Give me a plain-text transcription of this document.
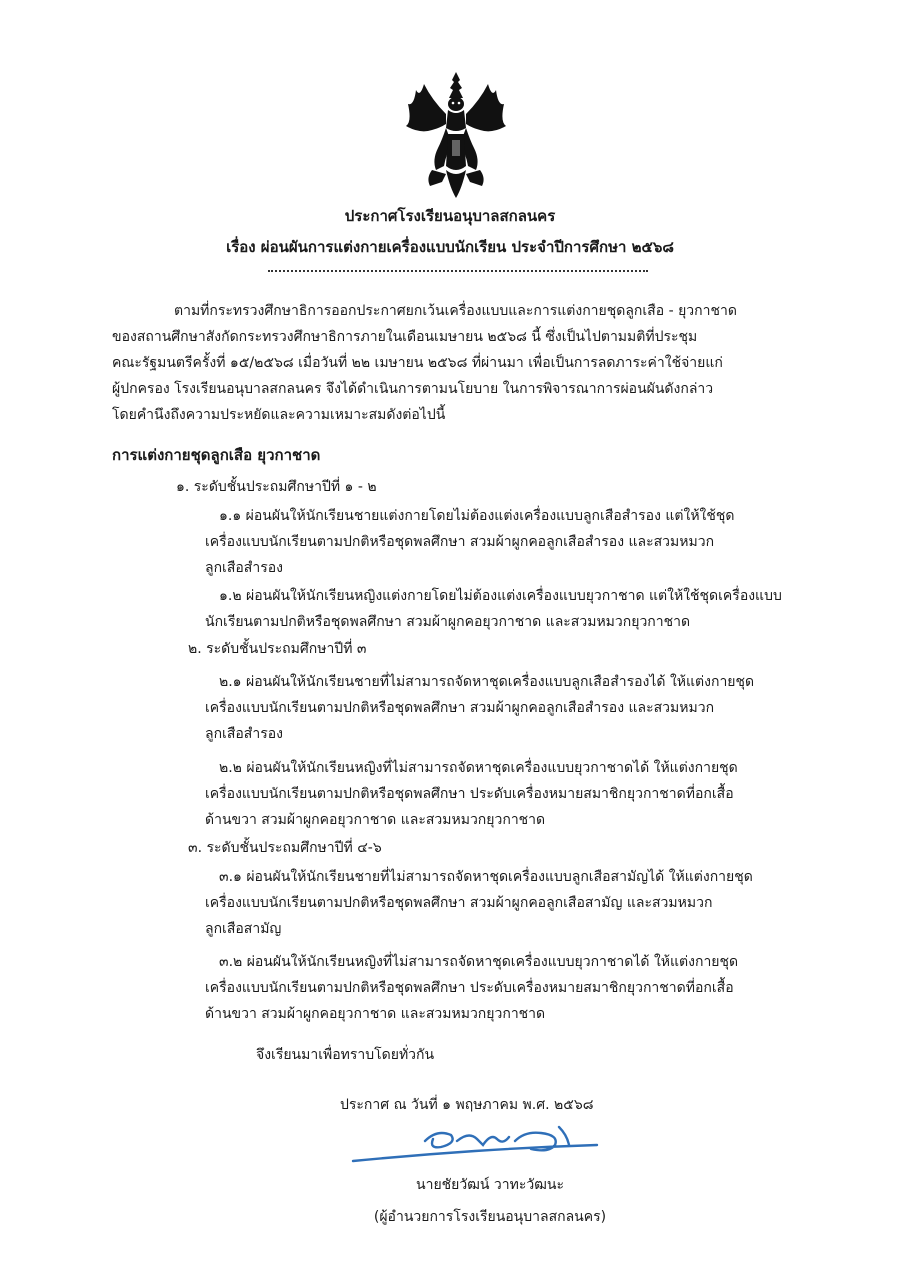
ประกาศโรงเรียนอนุบาลสกลนคร
เรื่อง ผ่อนผันการแต่งกายเครื่องแบบนักเรียน ประจำปีการศึกษา ๒๕๖๘
ตามที่กระทรวงศึกษาธิการออกประกาศยกเว้นเครื่องแบบและการแต่งกายชุดลูกเสือ - ยุวกาชาด
ของสถานศึกษาสังกัดกระทรวงศึกษาธิการภายในเดือนเมษายน ๒๕๖๘ นี้ ซึ่งเป็นไปตามมติที่ประชุม
คณะรัฐมนตรีครั้งที่ ๑๕/๒๕๖๘ เมื่อวันที่ ๒๒ เมษายน ๒๕๖๘ ที่ผ่านมา เพื่อเป็นการลดภาระค่าใช้จ่ายแก่
ผู้ปกครอง โรงเรียนอนุบาลสกลนคร จึงได้ดำเนินการตามนโยบาย ในการพิจารณาการผ่อนผันดังกล่าว
โดยคำนึงถึงความประหยัดและความเหมาะสมดังต่อไปนี้
การแต่งกายชุดลูกเสือ ยุวกาชาด
๑. ระดับชั้นประถมศึกษาปีที่ ๑ - ๒
๑.๑ ผ่อนผันให้นักเรียนชายแต่งกายโดยไม่ต้องแต่งเครื่องแบบลูกเสือสำรอง แต่ให้ใช้ชุด
เครื่องแบบนักเรียนตามปกติหรือชุดพลศึกษา สวมผ้าผูกคอลูกเสือสำรอง และสวมหมวก
ลูกเสือสำรอง
๑.๒ ผ่อนผันให้นักเรียนหญิงแต่งกายโดยไม่ต้องแต่งเครื่องแบบยุวกาชาด แต่ให้ใช้ชุดเครื่องแบบ
นักเรียนตามปกติหรือชุดพลศึกษา สวมผ้าผูกคอยุวกาชาด และสวมหมวกยุวกาชาด
๒. ระดับชั้นประถมศึกษาปีที่ ๓
๒.๑ ผ่อนผันให้นักเรียนชายที่ไม่สามารถจัดหาชุดเครื่องแบบลูกเสือสำรองได้ ให้แต่งกายชุด
เครื่องแบบนักเรียนตามปกติหรือชุดพลศึกษา สวมผ้าผูกคอลูกเสือสำรอง และสวมหมวก
ลูกเสือสำรอง
๒.๒ ผ่อนผันให้นักเรียนหญิงที่ไม่สามารถจัดหาชุดเครื่องแบบยุวกาชาดได้ ให้แต่งกายชุด
เครื่องแบบนักเรียนตามปกติหรือชุดพลศึกษา ประดับเครื่องหมายสมาชิกยุวกาชาดที่อกเสื้อ
ด้านขวา สวมผ้าผูกคอยุวกาชาด และสวมหมวกยุวกาชาด
๓. ระดับชั้นประถมศึกษาปีที่ ๔-๖
๓.๑ ผ่อนผันให้นักเรียนชายที่ไม่สามารถจัดหาชุดเครื่องแบบลูกเสือสามัญได้ ให้แต่งกายชุด
เครื่องแบบนักเรียนตามปกติหรือชุดพลศึกษา สวมผ้าผูกคอลูกเสือสามัญ และสวมหมวก
ลูกเสือสามัญ
๓.๒ ผ่อนผันให้นักเรียนหญิงที่ไม่สามารถจัดหาชุดเครื่องแบบยุวกาชาดได้ ให้แต่งกายชุด
เครื่องแบบนักเรียนตามปกติหรือชุดพลศึกษา ประดับเครื่องหมายสมาชิกยุวกาชาดที่อกเสื้อ
ด้านขวา สวมผ้าผูกคอยุวกาชาด และสวมหมวกยุวกาชาด
จึงเรียนมาเพื่อทราบโดยทั่วกัน
ประกาศ ณ วันที่ ๑ พฤษภาคม พ.ศ. ๒๕๖๘
นายชัยวัฒน์ วาทะวัฒนะ
(ผู้อำนวยการโรงเรียนอนุบาลสกลนคร)
